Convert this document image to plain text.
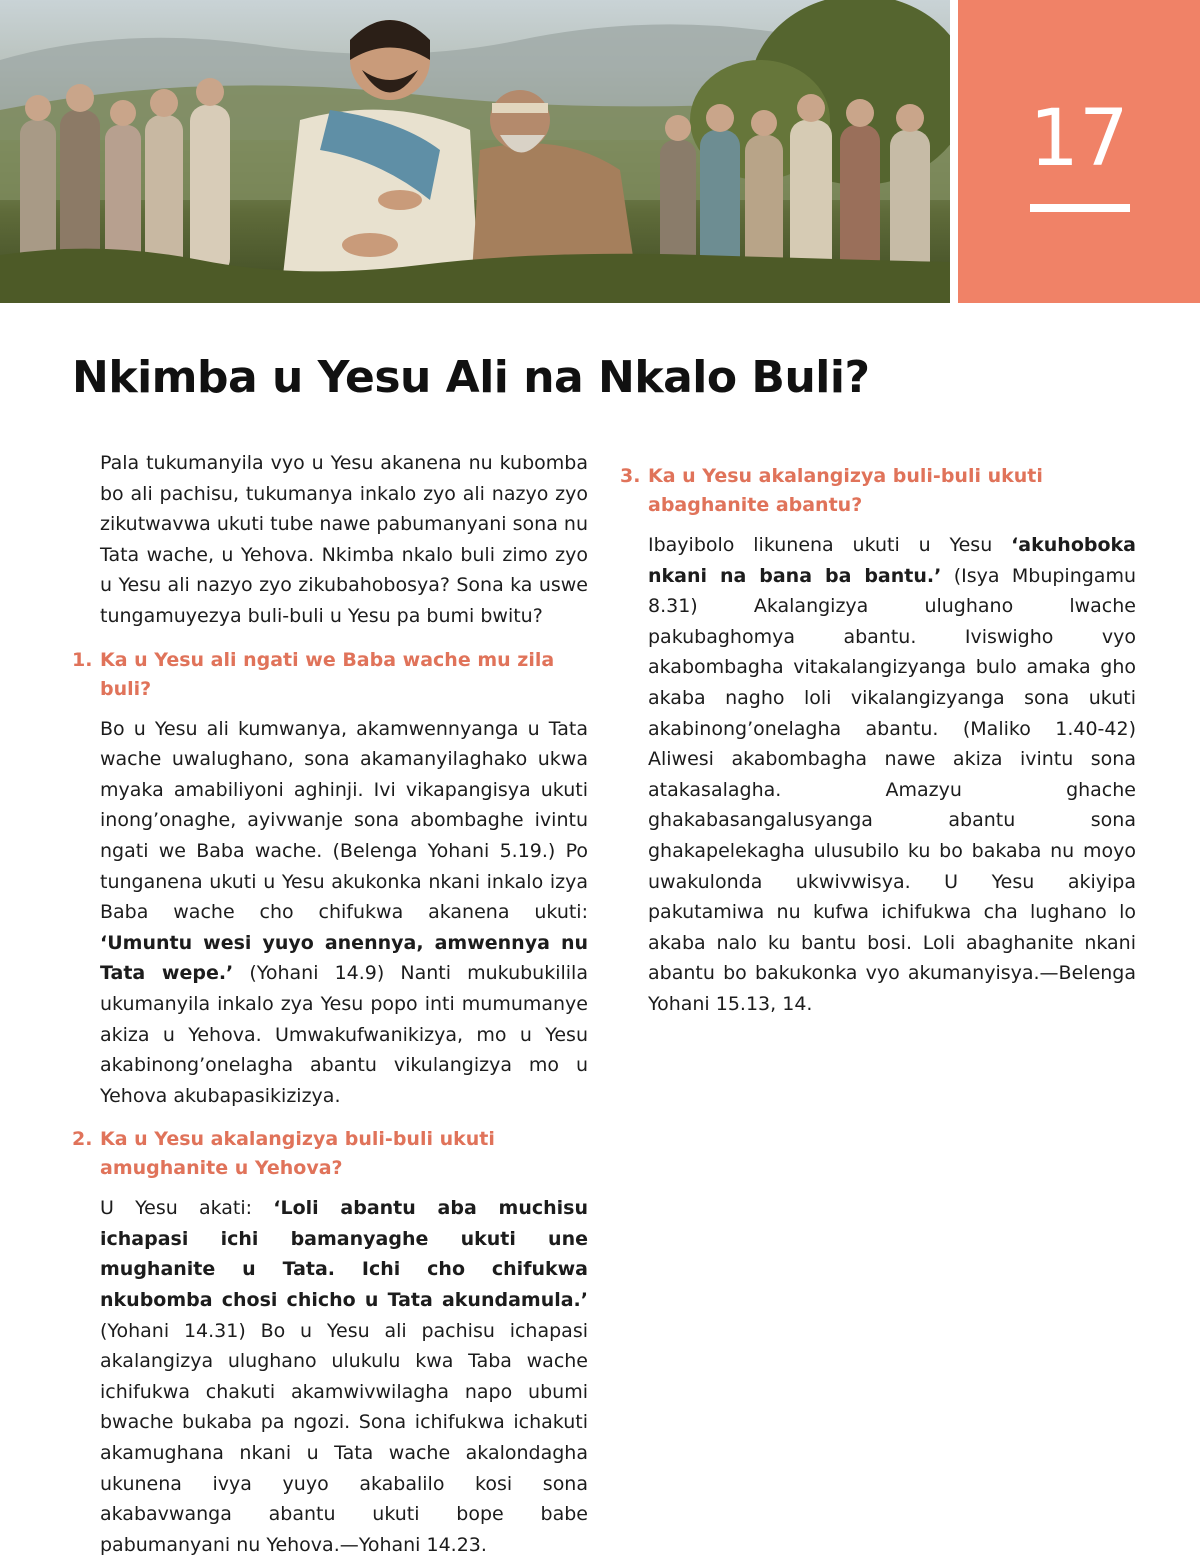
17
Nkimba u Yesu Ali na Nkalo Buli?

Pala tukumanyila vyo u Yesu akanena nu kubomba bo ali pachisu, tukumanya inkalo zyo ali nazyo zyo zikutwavwa ukuti tube nawe pabumanyani sona nu Tata wache, u Yehova. Nkimba nkalo buli zimo zyo u Yesu ali nazyo zyo zikubahobosya? Sona ka uswe tungamuyezya buli-buli u Yesu pa bumi bwitu?

1. Ka u Yesu ali ngati we Baba wache mu zila buli?

Bo u Yesu ali kumwanya, akamwennyanga u Tata wache uwalughano, sona akamanyilaghako ukwa myaka amabiliyoni aghinji. Ivi vikapangisya ukuti inong’onaghe, ayivwanje sona abombaghe ivintu ngati we Baba wache. (Belenga Yohani 5.19.) Po tunganena ukuti u Yesu akukonka nkani inkalo izya Baba wache cho chifukwa akanena ukuti: ‘Umuntu wesi yuyo anennya, amwennya nu Tata wepe.’ (Yohani 14.9) Nanti mukubukilila ukumanyila inkalo zya Yesu popo inti mumumanye akiza u Yehova. Umwakufwanikizya, mo u Yesu akabinong’onelagha abantu vikulangizya mo u Yehova akubapasikizizya.

2. Ka u Yesu akalangizya buli-buli ukuti amughanite u Yehova?

U Yesu akati: ‘Loli abantu aba muchisu ichapasi ichi bamanyaghe ukuti une mughanite u Tata. Ichi cho chifukwa nkubomba chosi chicho u Tata akundamula.’ (Yohani 14.31) Bo u Yesu ali pachisu ichapasi akalangizya ulughano ulukulu kwa Taba wache ichifukwa chakuti akamwivwilagha napo ubumi bwache bukaba pa ngozi. Sona ichifukwa ichakuti akamughana nkani u Tata wache akalondagha ukunena ivya yuyo akabalilo kosi sona akabavwanga abantu ukuti bope babe pabumanyani nu Yehova.—Yohani 14.23.

3. Ka u Yesu akalangizya buli-buli ukuti abaghanite abantu?

Ibayibolo likunena ukuti u Yesu ‘akuhoboka nkani na bana ba bantu.’ (Isya Mbupingamu 8.31) Akalangizya ulughano lwache pakubaghomya abantu. Iviswigho vyo akabombagha vitakalangizyanga bulo amaka gho akaba nagho loli vikalangizyanga sona ukuti akabinong’onelagha abantu. (Maliko 1.40-42) Aliwesi akabombagha nawe akiza ivintu sona atakasalagha. Amazyu ghache ghakabasangalusyanga abantu sona ghakapelekagha ulusubilo ku bo bakaba nu moyo uwakulonda ukwivwisya. U Yesu akiyipa pakutamiwa nu kufwa ichifukwa cha lughano lo akaba nalo ku bantu bosi. Loli abaghanite nkani abantu bo bakukonka vyo akumanyisya.—Belenga Yohani 15.13, 14.
